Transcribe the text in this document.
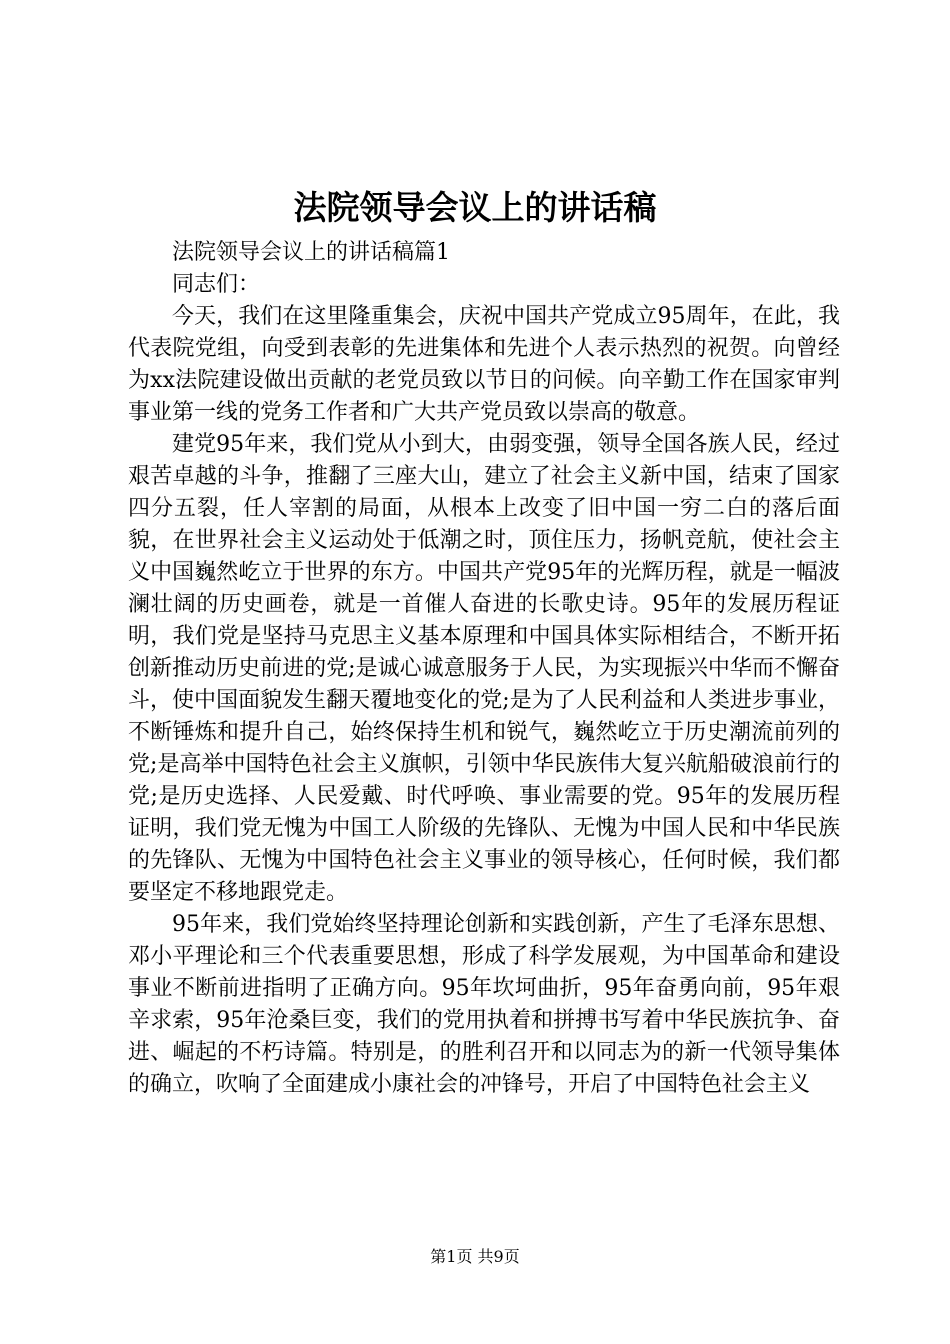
法院领导会议上的讲话稿

法院领导会议上的讲话稿篇1

同志们：

今天，我们在这里隆重集会，庆祝中国共产党成立95周年，在此，我代表院党组，向受到表彰的先进集体和先进个人表示热烈的祝贺。向曾经为xx法院建设做出贡献的老党员致以节日的问候。向辛勤工作在国家审判事业第一线的党务工作者和广大共产党员致以崇高的敬意。

建党95年来，我们党从小到大，由弱变强，领导全国各族人民，经过艰苦卓越的斗争，推翻了三座大山，建立了社会主义新中国，结束了国家四分五裂，任人宰割的局面，从根本上改变了旧中国一穷二白的落后面貌，在世界社会主义运动处于低潮之时，顶住压力，扬帆竞航，使社会主义中国巍然屹立于世界的东方。中国共产党95年的光辉历程，就是一幅波澜壮阔的历史画卷，就是一首催人奋进的长歌史诗。95年的发展历程证明，我们党是坚持马克思主义基本原理和中国具体实际相结合，不断开拓创新推动历史前进的党;是诚心诚意服务于人民，为实现振兴中华而不懈奋斗，使中国面貌发生翻天覆地变化的党;是为了人民利益和人类进步事业，不断锤炼和提升自己，始终保持生机和锐气，巍然屹立于历史潮流前列的党;是高举中国特色社会主义旗帜，引领中华民族伟大复兴航船破浪前行的党;是历史选择、人民爱戴、时代呼唤、事业需要的党。95年的发展历程证明，我们党无愧为中国工人阶级的先锋队、无愧为中国人民和中华民族的先锋队、无愧为中国特色社会主义事业的领导核心，任何时候，我们都要坚定不移地跟党走。

95年来，我们党始终坚持理论创新和实践创新，产生了毛泽东思想、邓小平理论和三个代表重要思想，形成了科学发展观，为中国革命和建设事业不断前进指明了正确方向。95年坎坷曲折，95年奋勇向前，95年艰辛求索，95年沧桑巨变，我们的党用执着和拼搏书写着中华民族抗争、奋进、崛起的不朽诗篇。特别是，的胜利召开和以同志为的新一代领导集体的确立，吹响了全面建成小康社会的冲锋号，开启了中国特色社会主义

第1页 共9页
